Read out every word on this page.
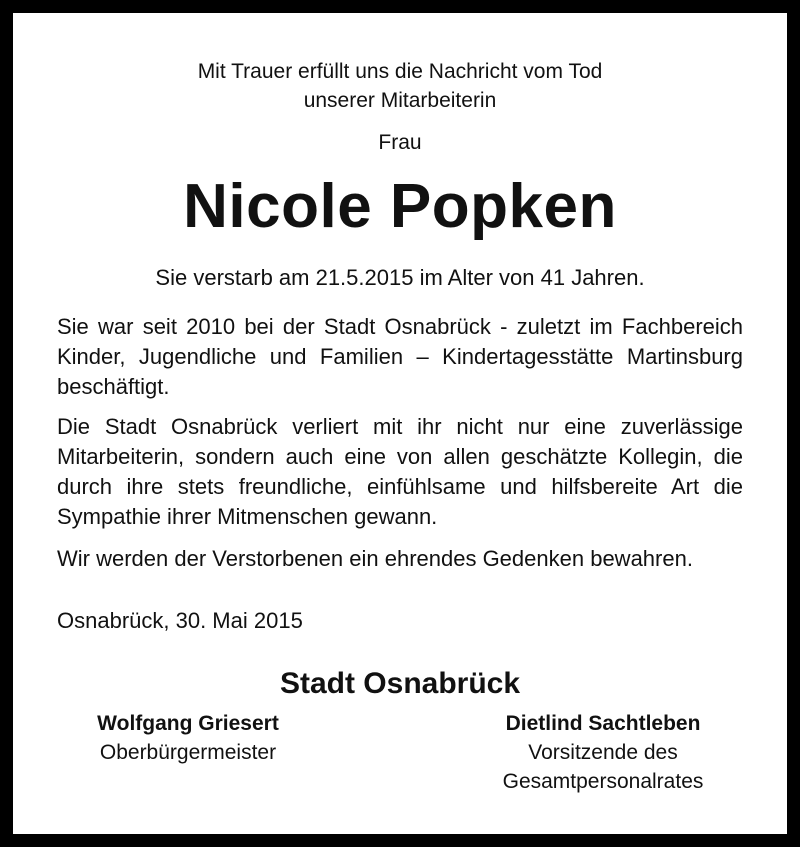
Mit Trauer erfüllt uns die Nachricht vom Tod
unserer Mitarbeiterin
Frau
Nicole Popken
Sie verstarb am 21.5.2015 im Alter von 41 Jahren.
Sie war seit 2010 bei der Stadt Osnabrück - zuletzt im Fachbereich Kinder, Jugendliche und Familien – Kindertagesstätte Martinsburg beschäftigt.
Die Stadt Osnabrück verliert mit ihr nicht nur eine zuverlässige Mitarbeiterin, sondern auch eine von allen geschätzte Kollegin, die durch ihre stets freundliche, einfühlsame und hilfsbereite Art die Sympathie ihrer Mitmenschen gewann.
Wir werden der Verstorbenen ein ehrendes Gedenken bewahren.
Osnabrück, 30. Mai 2015
Stadt Osnabrück
Wolfgang Griesert
Oberbürgermeister
Dietlind Sachtleben
Vorsitzende des
Gesamtpersonalrates
